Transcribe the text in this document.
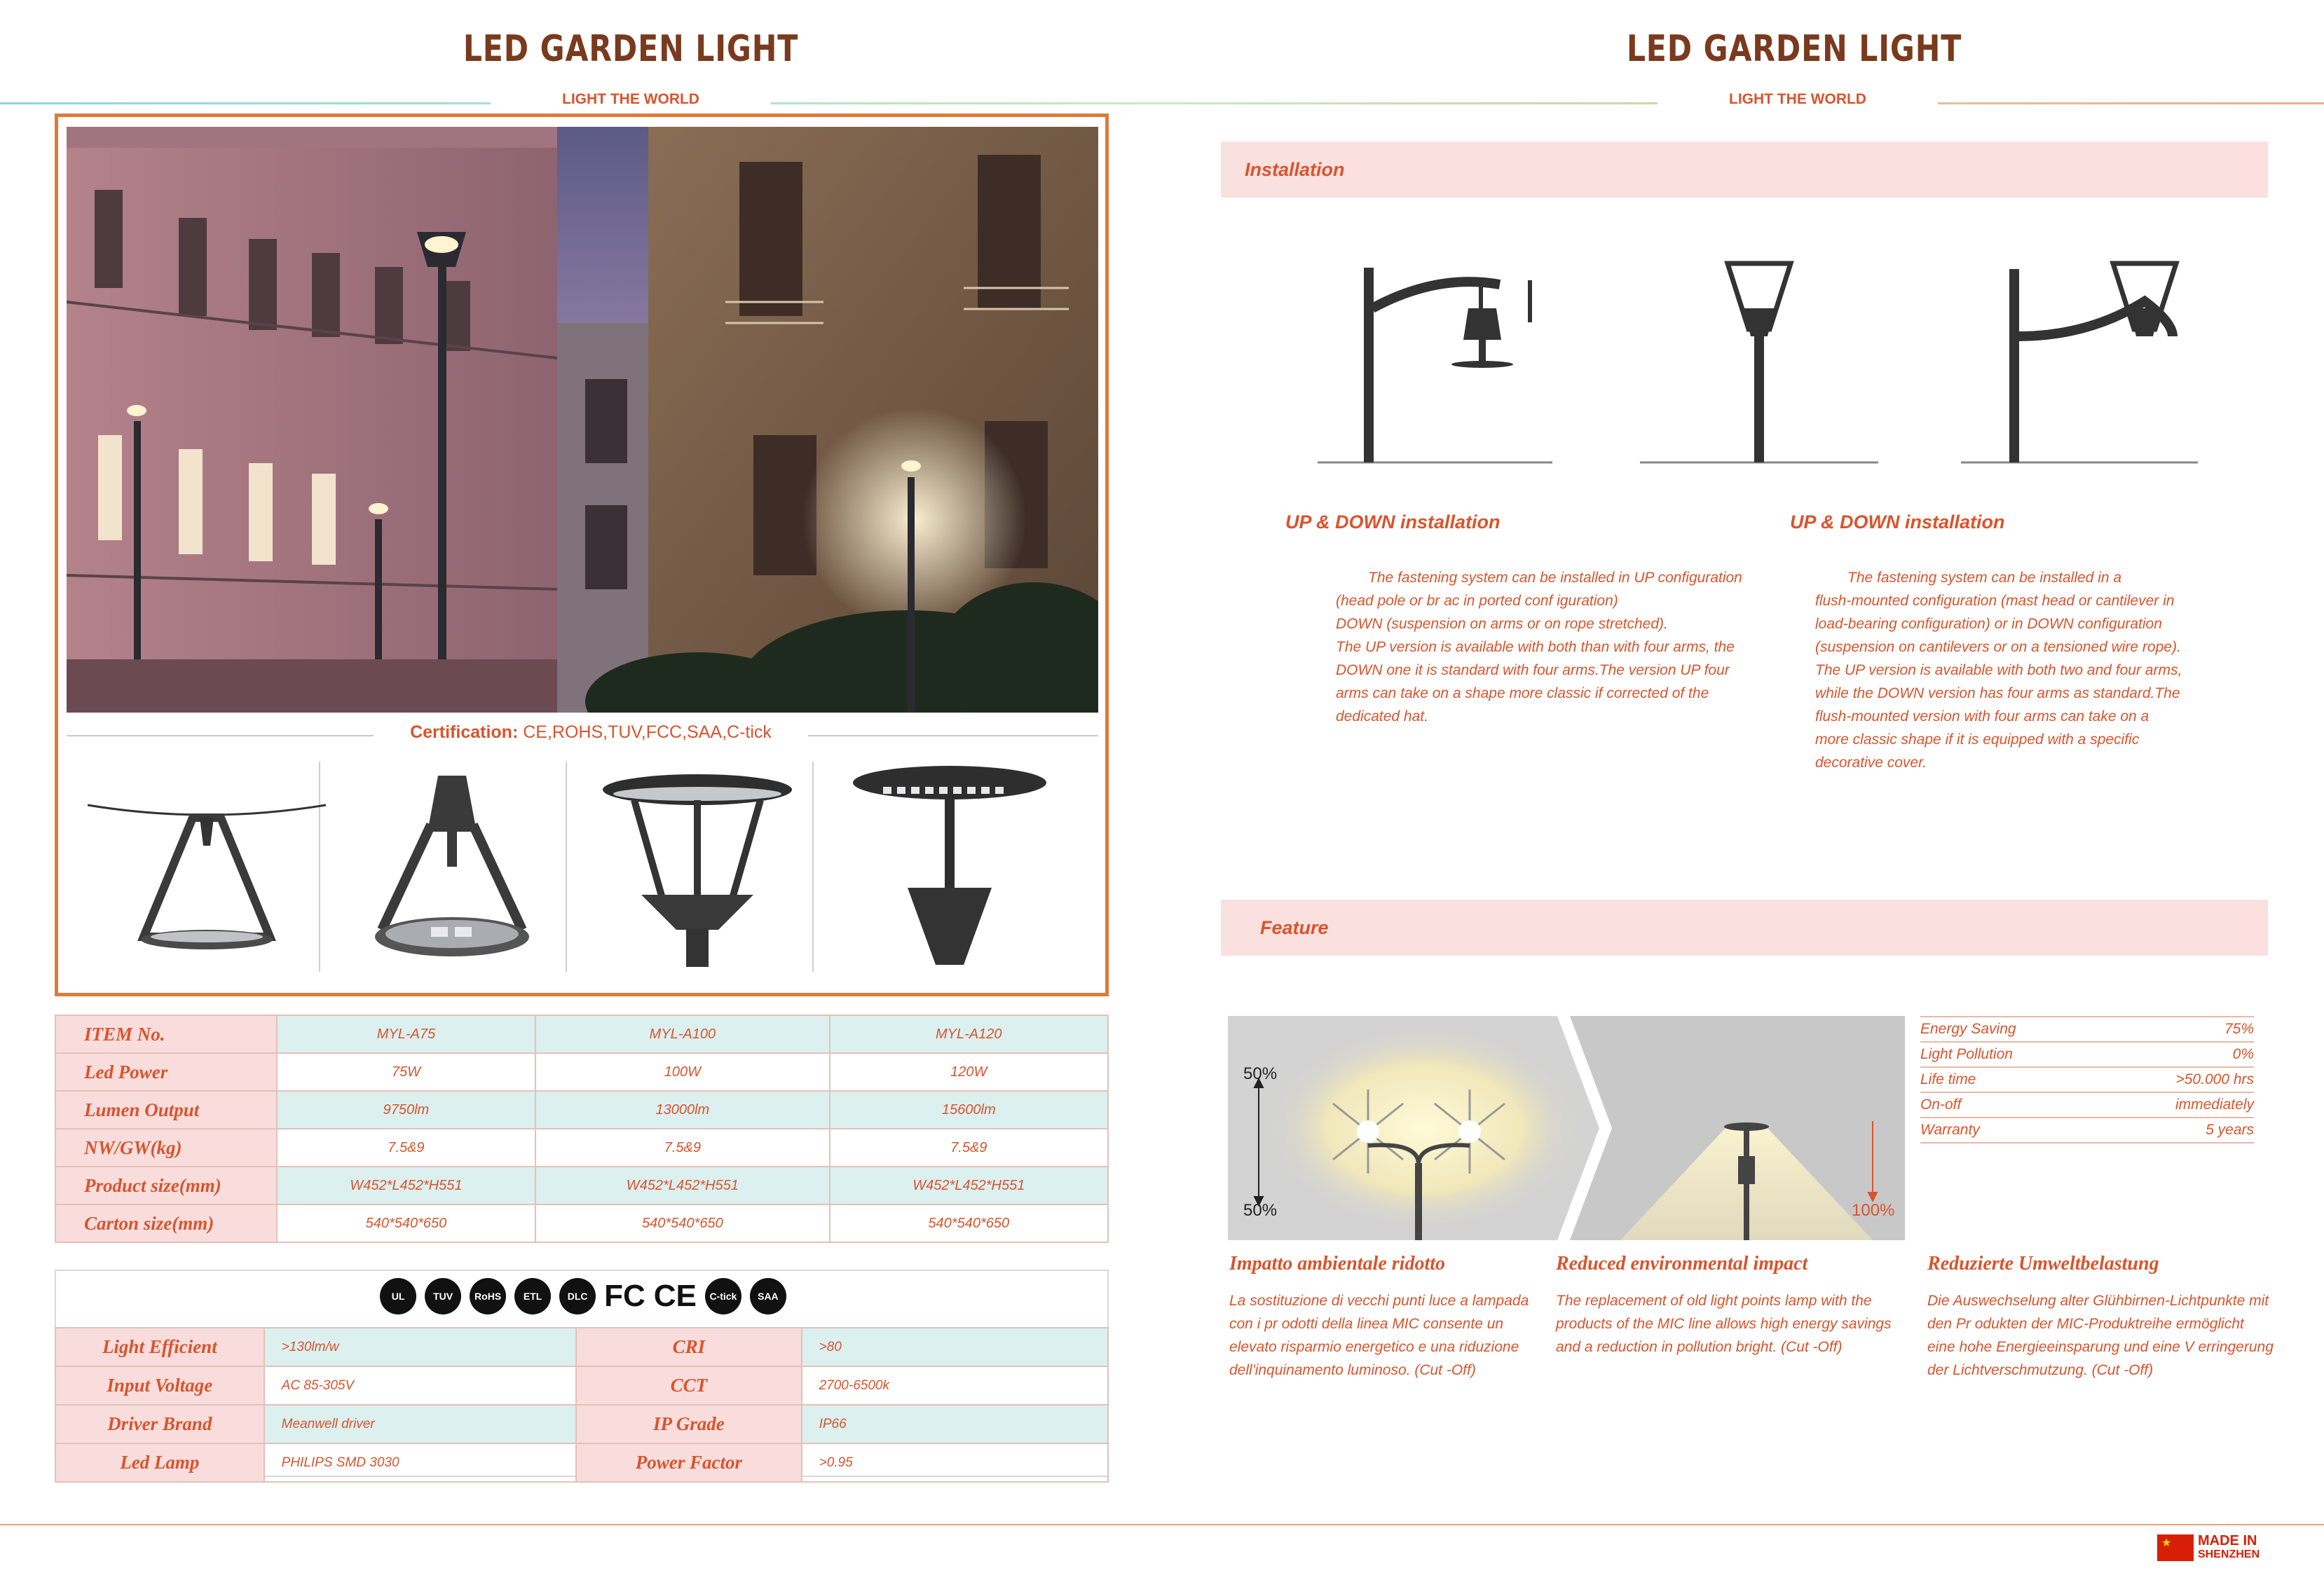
LED GARDEN LIGHT
LIGHT THE WORLD
LED GARDEN LIGHT
LIGHT THE WORLD
Certification: CE,ROHS,TUV,FCC,SAA,C-tick
ITEM No.	MYL-A75	MYL-A100	MYL-A120
Led Power	75W	100W	120W
Lumen Output	9750lm	13000lm	15600lm
NW/GW(kg)	7.5&9	7.5&9	7.5&9
Product size(mm)	W452*L452*H551	W452*L452*H551	W452*L452*H551
Carton size(mm)	540*540*650	540*540*650	540*540*650
UL	TUV RoHS ETL	DLC FC CE C-tick SAA
Light Efficient	>130lm/w	CRI	>80
Input Voltage	AC 85-305V	CCT	2700-6500k
Driver Brand	Meanwell driver	IP Grade	IP66
Led Lamp	PHILIPS SMD 3030	Power Factor	>0.95
Installation
UP & DOWN installation
The fastening system can be installed in UP configuration
(head pole or br ac in ported conf iguration)
DOWN (suspension on arms or on rope stretched).
The UP version is available with both than with four arms, the
DOWN one it is standard with four arms.The version UP four
arms can take on a shape more classic if corrected of the
dedicated hat.
UP & DOWN installation
The fastening system can be installed in a
flush-mounted configuration (mast head or cantilever in
load-bearing configuration) or in DOWN configuration
(suspension on cantilevers or on a tensioned wire rope).
The UP version is available with both two and four arms,
while the DOWN version has four arms as standard.The
flush-mounted version with four arms can take on a
more classic shape if it is equipped with a specific
decorative cover.
Feature
50%
50%	100%
Energy Saving	75%
Light Pollution	0%
Life time	>50.000 hrs
On-off	immediately
Warranty	5 years
Impatto ambientale ridotto
La sostituzione di vecchi punti luce a lampada
con i pr odotti della linea MIC consente un
elevato risparmio energetico e una riduzione
dell'inquinamento luminoso. (Cut -Off)
Reduced environmental impact
The replacement of old light points lamp with the
products of the MIC line allows high energy savings
and a reduction in pollution bright. (Cut -Off)
Reduzierte Umweltbelastung
Die Auswechselung alter Glühbirnen-Lichtpunkte mit
den Pr odukten der MIC-Produktreihe ermöglicht
eine hohe Energieeinsparung und eine V erringerung
der Lichtverschmutzung. (Cut -Off)
★ MADE IN
SHENZHEN
